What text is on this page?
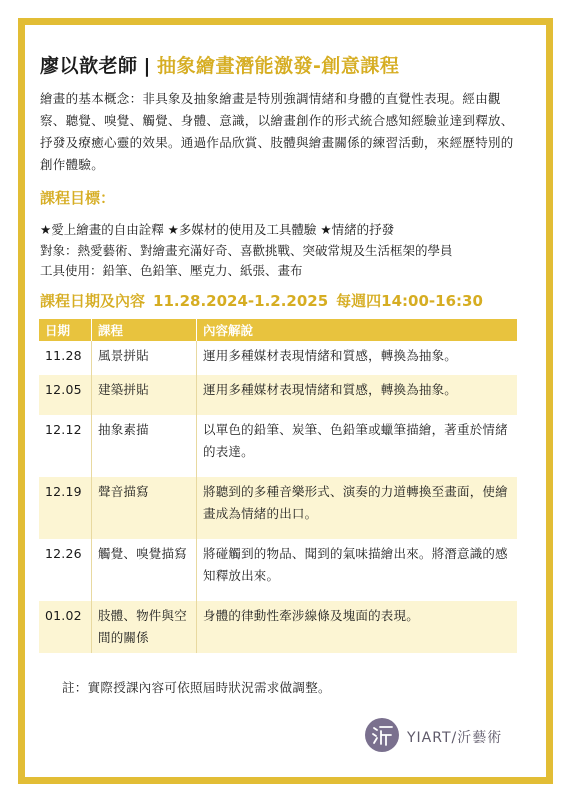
廖以歆老師 | 抽象繪畫潛能激發-創意課程

繪畫的基本概念：非具象及抽象繪畫是特別強調情緒和身體的直覺性表現。經由觀察、聽覺、嗅覺、觸覺、身體、意識，以繪畫創作的形式統合感知經驗並達到釋放、抒發及療癒心靈的效果。通過作品欣賞、肢體與繪畫關係的練習活動，來經歷特別的創作體驗。

課程目標：
★愛上繪畫的自由詮釋 ★多媒材的使用及工具體驗 ★情緒的抒發
對象：熱愛藝術、對繪畫充滿好奇、喜歡挑戰、突破常規及生活框架的學員
工具使用：鉛筆、色鉛筆、壓克力、紙張、畫布
課程日期及內容 11.28.2024-1.2.2025 每週四14:00-16:30
日期	課程	內容解說
11.28	風景拼貼	運用多種媒材表現情緒和質感，轉換為抽象。
12.05	建築拼貼	運用多種媒材表現情緒和質感，轉換為抽象。
12.12	抽象素描	以單色的鉛筆、炭筆、色鉛筆或蠟筆描繪，著重於情緒的表達。
12.19	聲音描寫	將聽到的多種音樂形式、演奏的力道轉換至畫面，使繪畫成為情緒的出口。
12.26	觸覺、嗅覺描寫	將碰觸到的物品、聞到的氣味描繪出來。將潛意識的感知釋放出來。
01.02	肢體、物件與空間的關係	身體的律動性牽涉線條及塊面的表現。
註：實際授課內容可依照屆時狀況需求做調整。
YIART/沂藝術
